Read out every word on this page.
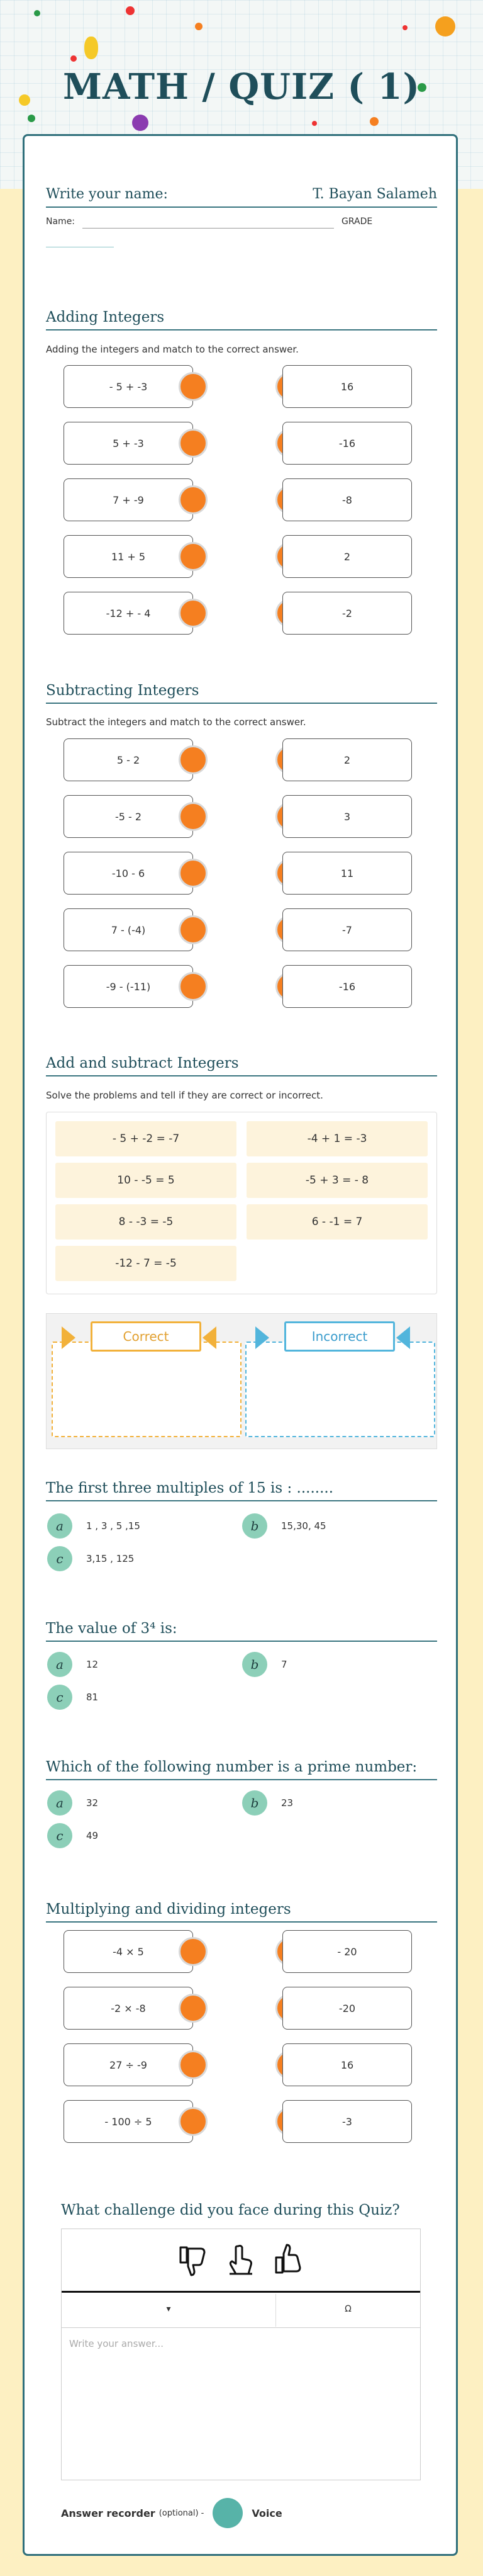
MATH / QUIZ ( 1)
T. Bayan Salameh
Write your name:
Name:	GRADE
Adding Integers
Adding the integers and match to the correct answer.
Subtracting Integers
Subtract the integers and match to the correct answer.
Add and subtract Integers
Solve the problems and tell if they are correct or incorrect.
- 5 + -2 = -7	-4 + 1 = -3
10 - -5 = 5	-5 + 3 = - 8
8 - -3 = -5	6 - -1 = 7
-12 - 7 = -5
Correct	Incorrect
The first three multiples of 15 is : ........
a	1 , 3 , 5 ,15	b	15,30, 45
c	3,15 , 125
The value of 3⁴ is:
a	12	b	7
c	81
Which of the following number is a prime number:
a	32	b	23
c	49
Multiplying and dividing integers
What challenge did you face during this Quiz?
▾	Ω
Write your answer...
Answer recorder (optional) -	Voice
- 5 + -3	16
5 + -3	-16
7 + -9	-8
11 + 5	2
-12 + - 4	-2
5 - 2	2
-5 - 2	3
-10 - 6	11
7 - (-4)	-7
-9 - (-11)	-16
-4 × 5	- 20
-2 × -8	-20
27 ÷ -9	16
- 100 ÷ 5	-3
